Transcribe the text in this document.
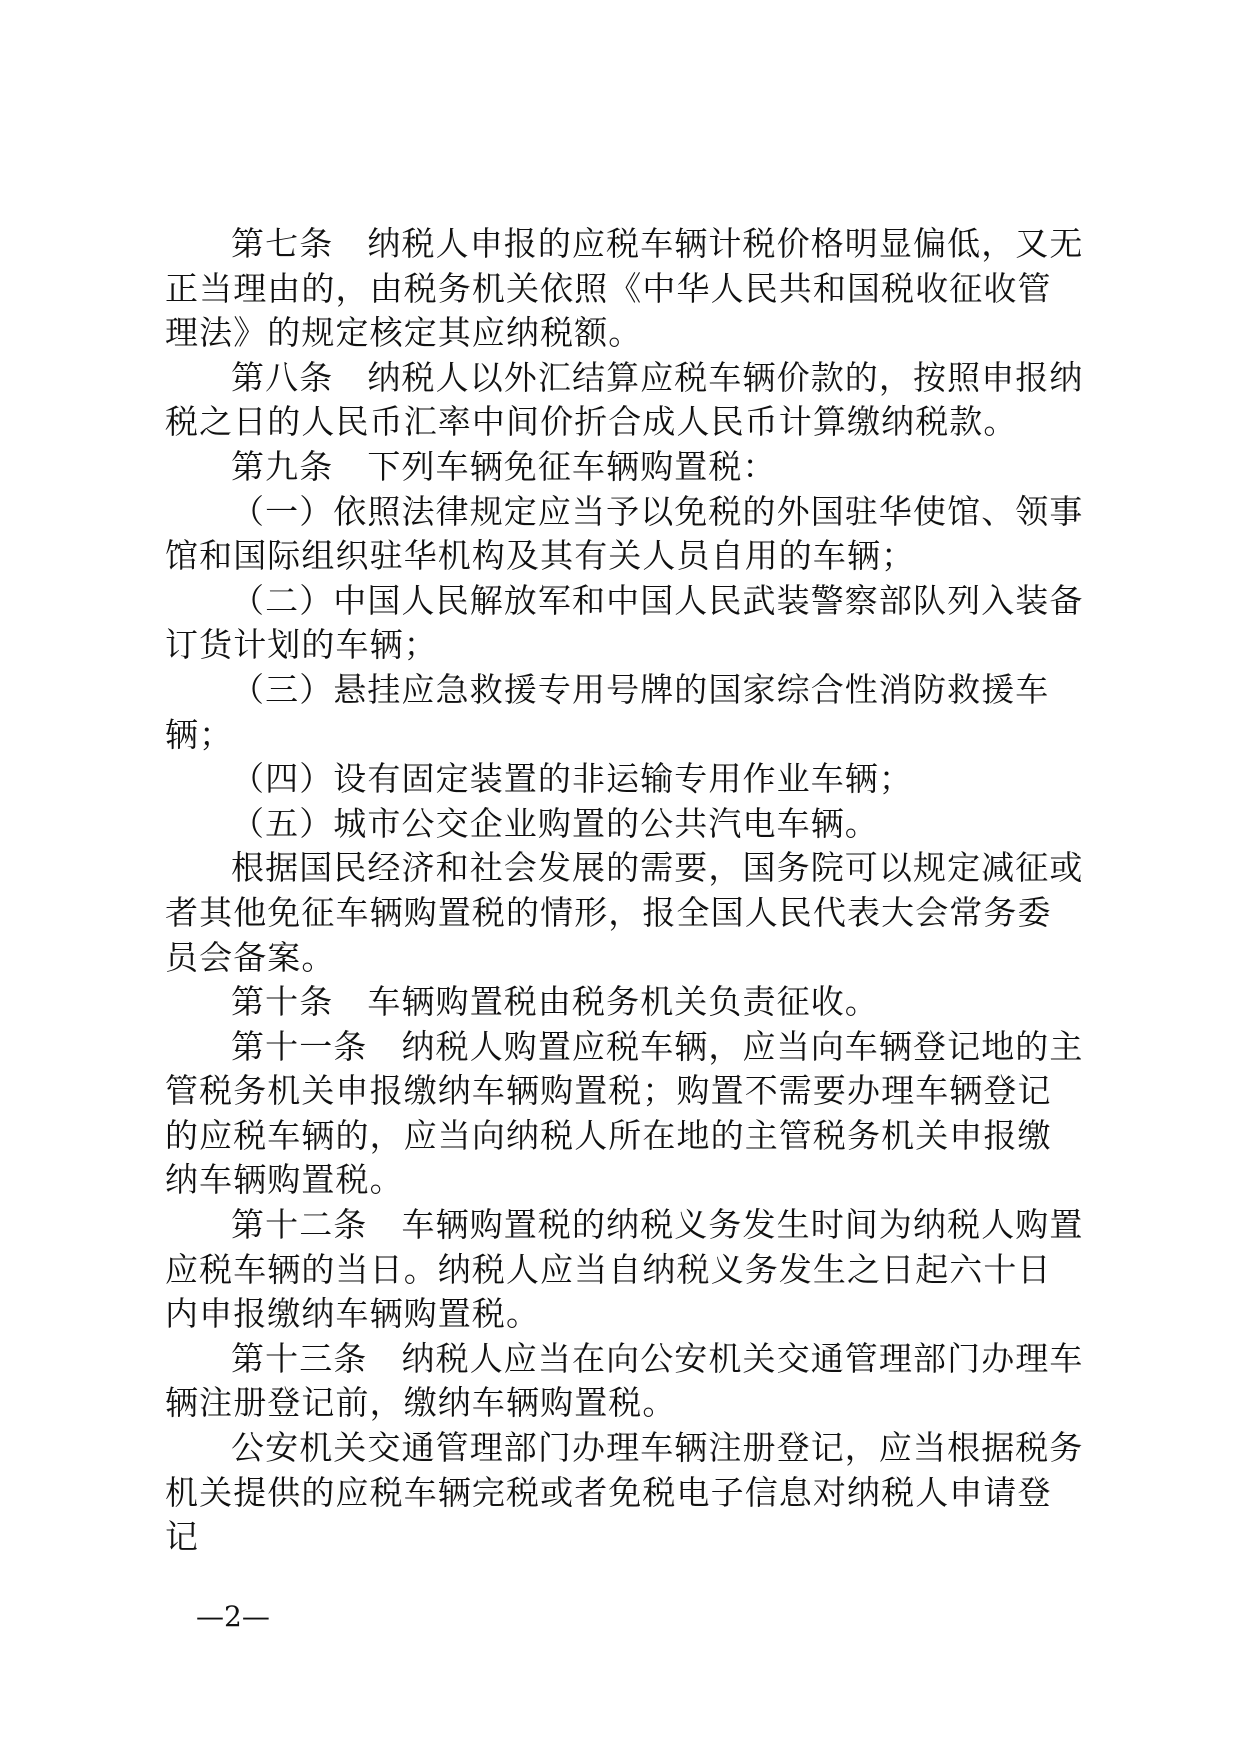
第七条　纳税人申报的应税车辆计税价格明显偏低，又无正当理由的，由税务机关依照《中华人民共和国税收征收管理法》的规定核定其应纳税额。

第八条　纳税人以外汇结算应税车辆价款的，按照申报纳税之日的人民币汇率中间价折合成人民币计算缴纳税款。

第九条　下列车辆免征车辆购置税：

（一）依照法律规定应当予以免税的外国驻华使馆、领事馆和国际组织驻华机构及其有关人员自用的车辆；

（二）中国人民解放军和中国人民武装警察部队列入装备订货计划的车辆；

（三）悬挂应急救援专用号牌的国家综合性消防救援车辆；

（四）设有固定装置的非运输专用作业车辆；

（五）城市公交企业购置的公共汽电车辆。

根据国民经济和社会发展的需要，国务院可以规定减征或者其他免征车辆购置税的情形，报全国人民代表大会常务委员会备案。

第十条　车辆购置税由税务机关负责征收。

第十一条　纳税人购置应税车辆，应当向车辆登记地的主管税务机关申报缴纳车辆购置税；购置不需要办理车辆登记的应税车辆的，应当向纳税人所在地的主管税务机关申报缴纳车辆购置税。

第十二条　车辆购置税的纳税义务发生时间为纳税人购置应税车辆的当日。纳税人应当自纳税义务发生之日起六十日内申报缴纳车辆购置税。

第十三条　纳税人应当在向公安机关交通管理部门办理车辆注册登记前，缴纳车辆购置税。

公安机关交通管理部门办理车辆注册登记，应当根据税务机关提供的应税车辆完税或者免税电子信息对纳税人申请登记

—2—
